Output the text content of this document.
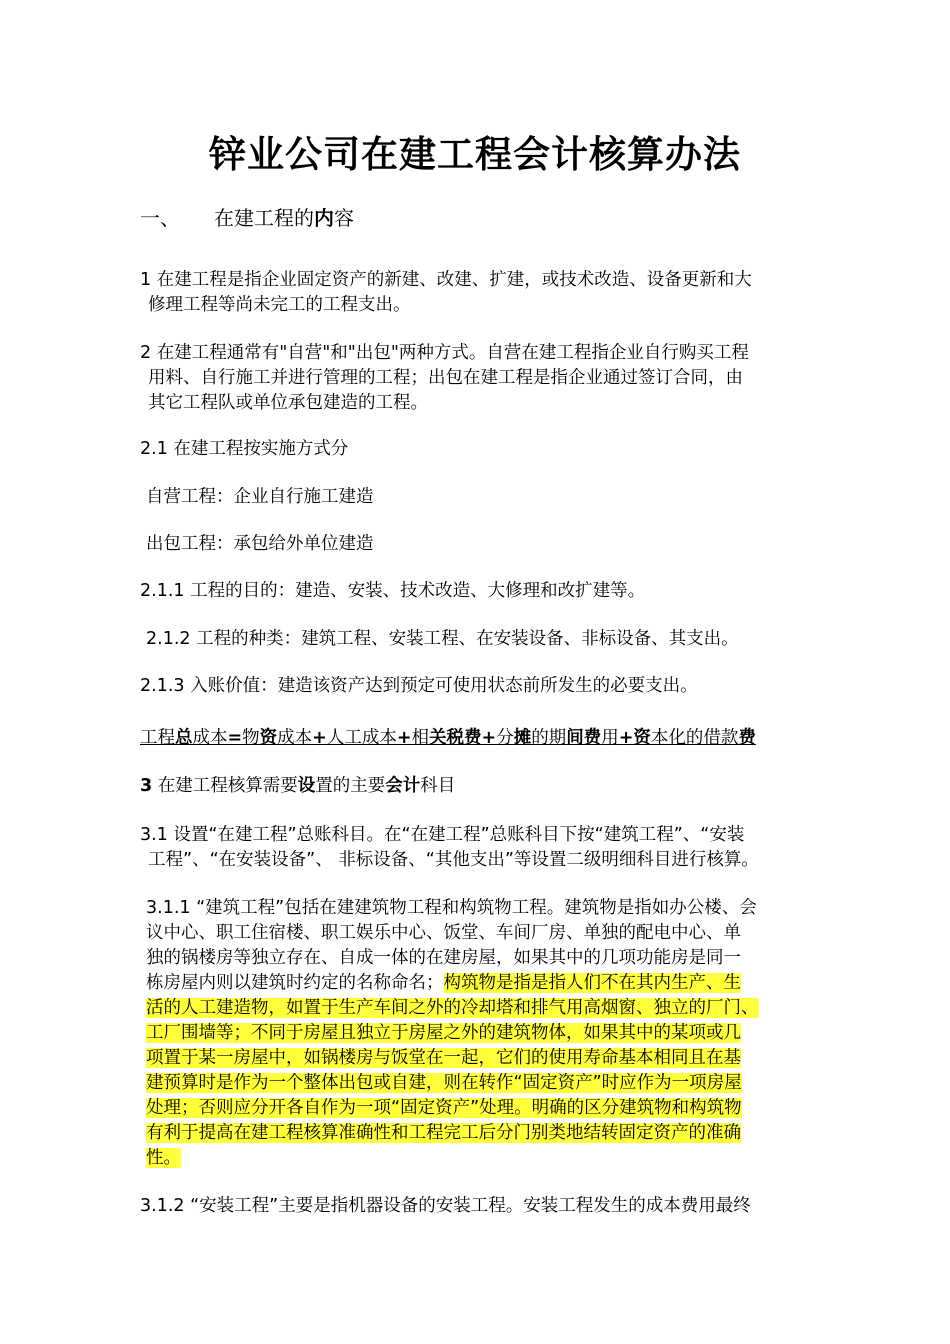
锌业公司在建工程会计核算办法
一、 在建工程的内容
1 在建工程是指企业固定资产的新建、改建、扩建，或技术改造、设备更新和大
修理工程等尚未完工的工程支出。
2 在建工程通常有"自营"和"出包"两种方式。自营在建工程指企业自行购买工程
用料、自行施工并进行管理的工程；出包在建工程是指企业通过签订合同，由
其它工程队或单位承包建造的工程。
2.1 在建工程按实施方式分
自营工程：企业自行施工建造
出包工程：承包给外单位建造
2.1.1 工程的目的：建造、安装、技术改造、大修理和改扩建等。
2.1.2 工程的种类：建筑工程、安装工程、在安装设备、非标设备、其支出。
2.1.3 入账价值：建造该资产达到预定可使用状态前所发生的必要支出。
工程总成本=物资成本+人工成本+相关税费+分摊的期间费用+资本化的借款费
3 在建工程核算需要设置的主要会计科目
3.1 设置“在建工程”总账科目。在“在建工程”总账科目下按“建筑工程”、“安装
工程”、“在安装设备”、 非标设备、“其他支出”等设置二级明细科目进行核算。
3.1.1 “建筑工程”包括在建建筑物工程和构筑物工程。建筑物是指如办公楼、会
议中心、职工住宿楼、职工娱乐中心、饭堂、车间厂房、单独的配电中心、单
独的锅楼房等独立存在、自成一体的在建房屋，如果其中的几项功能房是同一
栋房屋内则以建筑时约定的名称命名；构筑物是指是指人们不在其内生产、生
活的人工建造物，如置于生产车间之外的冷却塔和排气用高烟窗、独立的厂门、
工厂围墙等；不同于房屋且独立于房屋之外的建筑物体，如果其中的某项或几
项置于某一房屋中，如锅楼房与饭堂在一起，它们的使用寿命基本相同且在基
建预算时是作为一个整体出包或自建，则在转作“固定资产”时应作为一项房屋
处理；否则应分开各自作为一项“固定资产”处理。明确的区分建筑物和构筑物
有利于提高在建工程核算准确性和工程完工后分门别类地结转固定资产的准确
性。
3.1.2 “安装工程”主要是指机器设备的安装工程。安装工程发生的成本费用最终
